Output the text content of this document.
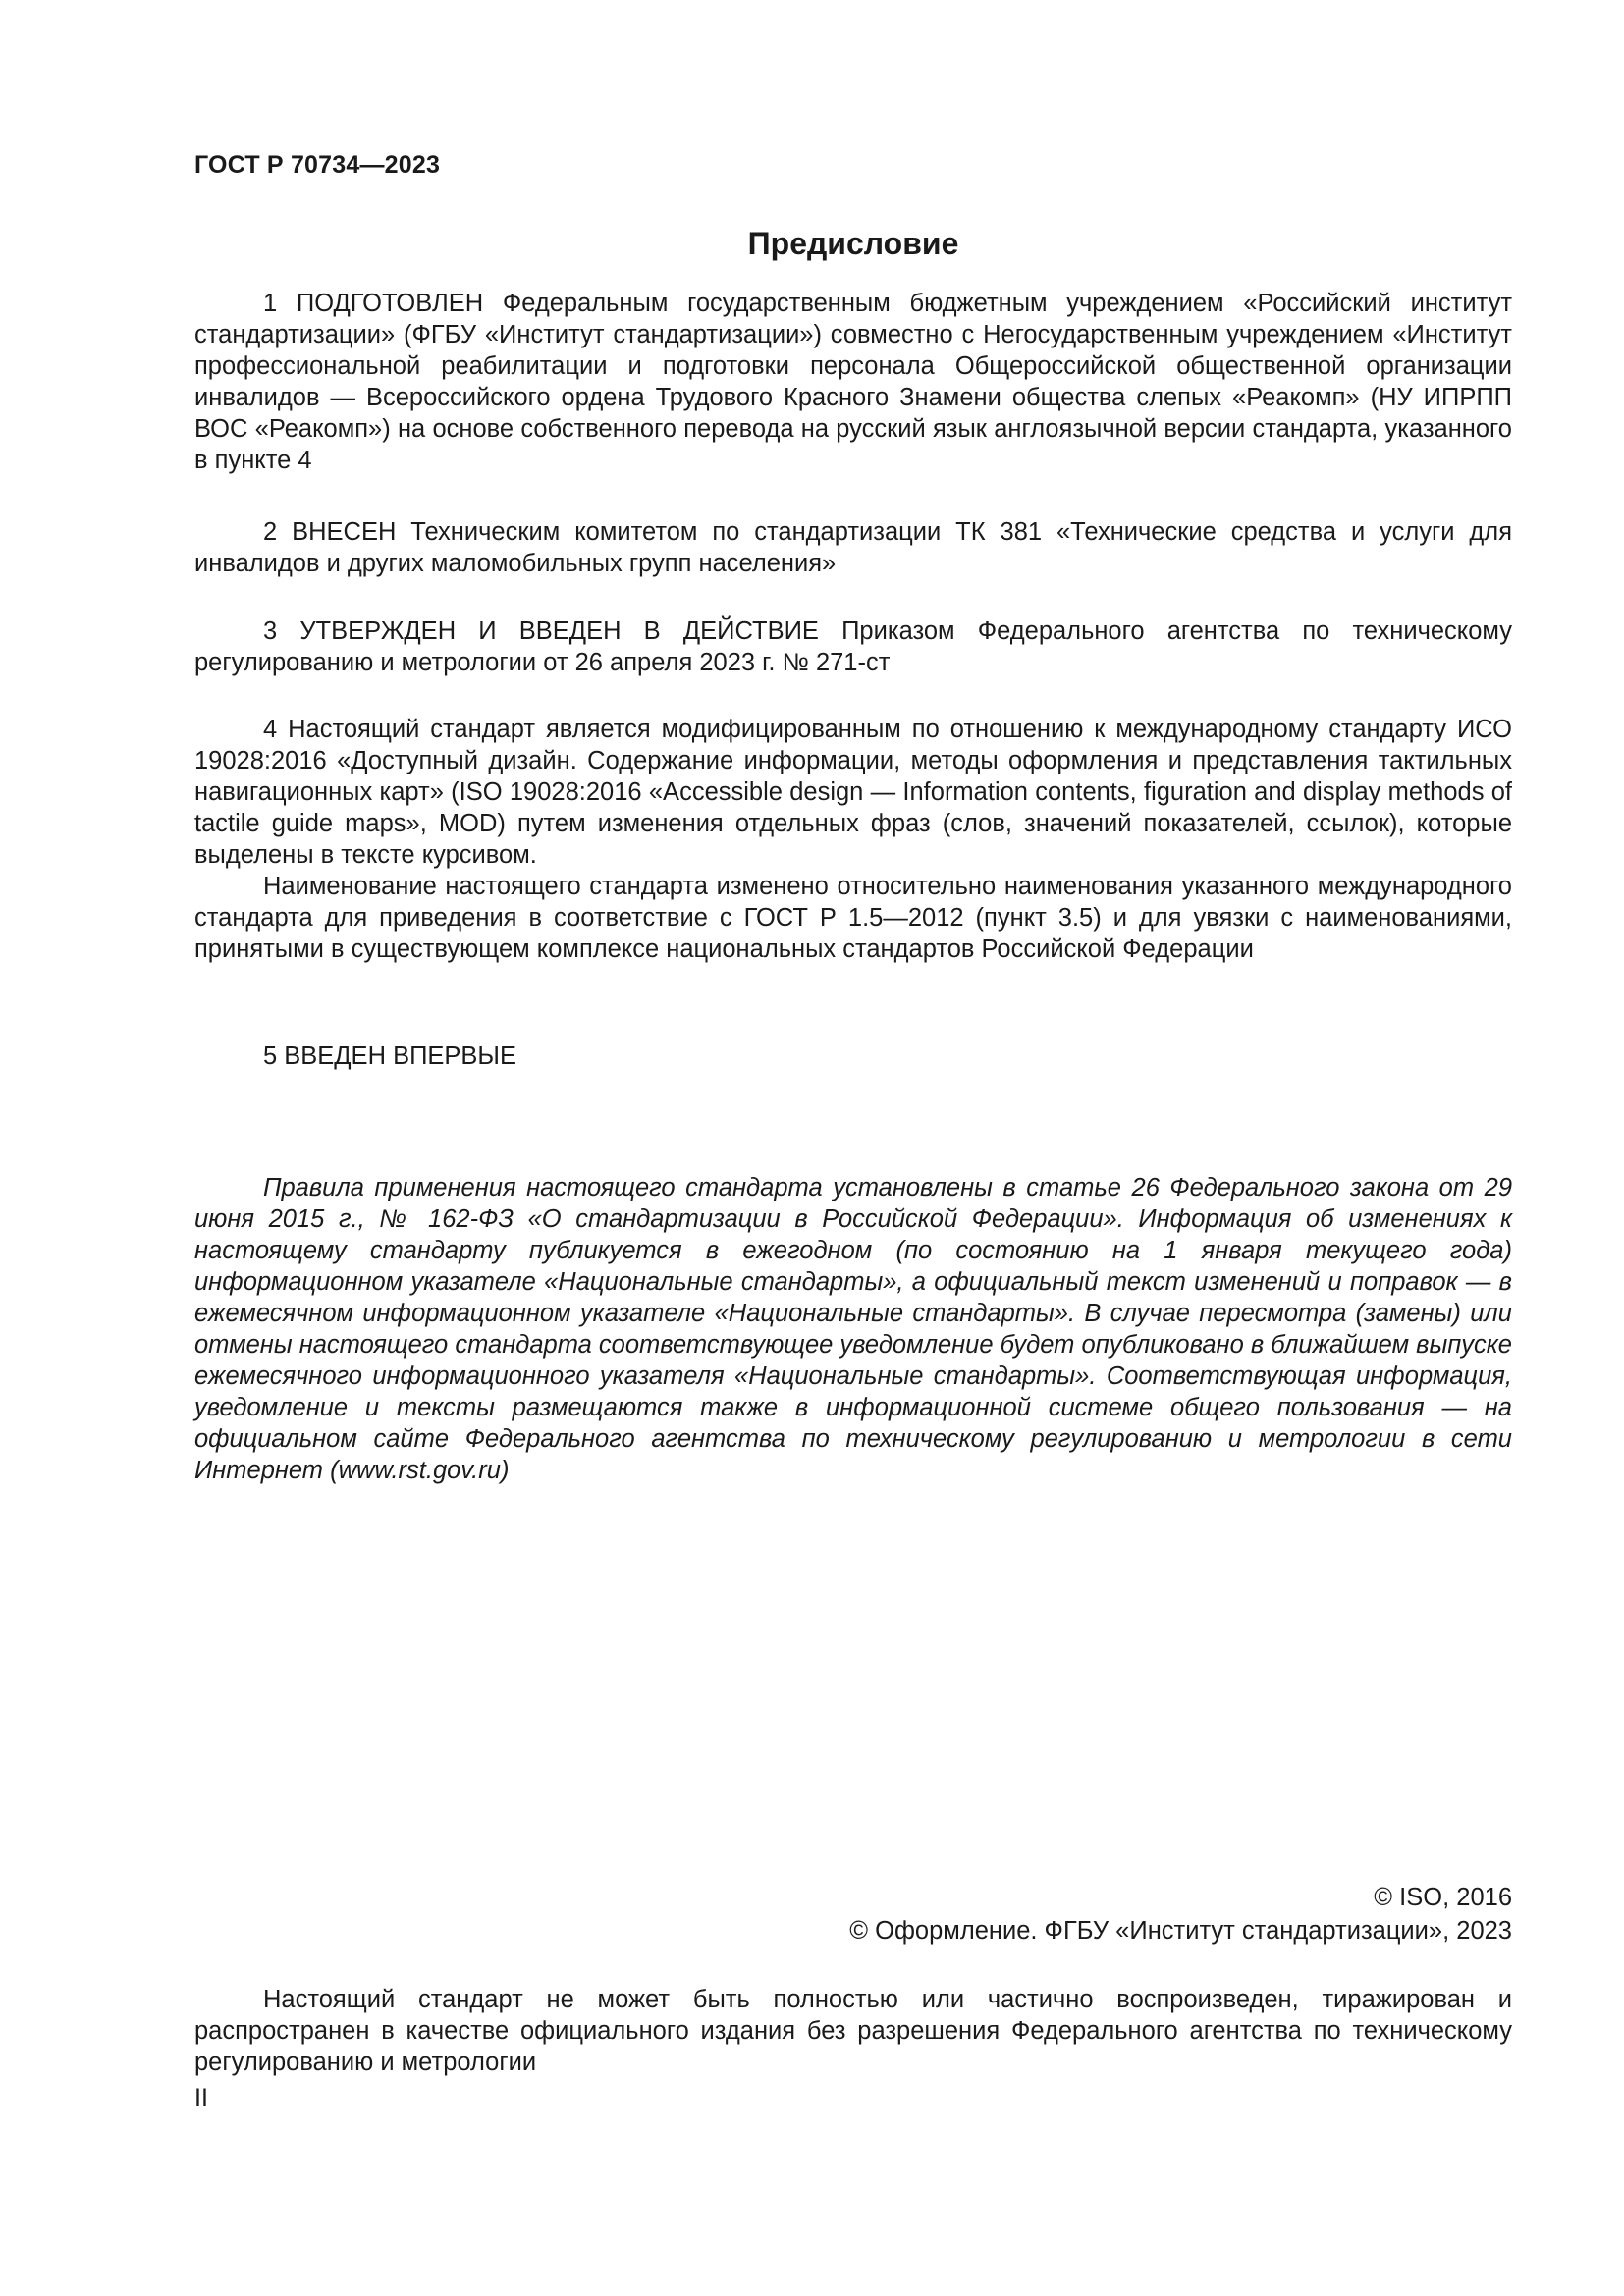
ГОСТ Р 70734—2023
Предисловие

1 ПОДГОТОВЛЕН Федеральным государственным бюджетным учреждением «Российский институт стандартизации» (ФГБУ «Институт стандартизации») совместно с Негосударственным учреждением «Институт профессиональной реабилитации и подготовки персонала Общероссийской общественной организации инвалидов — Всероссийского ордена Трудового Красного Знамени общества слепых «Реакомп» (НУ ИПРПП ВОС «Реакомп») на основе собственного перевода на русский язык англоязычной версии стандарта, указанного в пункте 4

2 ВНЕСЕН Техническим комитетом по стандартизации ТК 381 «Технические средства и услуги для инвалидов и других маломобильных групп населения»

3 УТВЕРЖДЕН И ВВЕДЕН В ДЕЙСТВИЕ Приказом Федерального агентства по техническому регулированию и метрологии от 26 апреля 2023 г. № 271-ст

4 Настоящий стандарт является модифицированным по отношению к международному стандарту ИСО 19028:2016 «Доступный дизайн. Содержание информации, методы оформления и представления тактильных навигационных карт» (ISO 19028:2016 «Accessible design — Information contents, figuration and display methods of tactile guide maps», MOD) путем изменения отдельных фраз (слов, значений показателей, ссылок), которые выделены в тексте курсивом.

Наименование настоящего стандарта изменено относительно наименования указанного международного стандарта для приведения в соответствие с ГОСТ Р 1.5—2012 (пункт 3.5) и для увязки с наименованиями, принятыми в существующем комплексе национальных стандартов Российской Федерации

5 ВВЕДЕН ВПЕРВЫЕ

Правила применения настоящего стандарта установлены в статье 26 Федерального закона от 29 июня 2015 г., № 162-ФЗ «О стандартизации в Российской Федерации». Информация об изменениях к настоящему стандарту публикуется в ежегодном (по состоянию на 1 января текущего года) информационном указателе «Национальные стандарты», а официальный текст изменений и поправок — в ежемесячном информационном указателе «Национальные стандарты». В случае пересмотра (замены) или отмены настоящего стандарта соответствующее уведомление будет опубликовано в ближайшем выпуске ежемесячного информационного указателя «Национальные стандарты». Соответствующая информация, уведомление и тексты размещаются также в информационной системе общего пользования — на официальном сайте Федерального агентства по техническому регулированию и метрологии в сети Интернет (www.rst.gov.ru)

© ISO, 2016
© Оформление. ФГБУ «Институт стандартизации», 2023

Настоящий стандарт не может быть полностью или частично воспроизведен, тиражирован и распространен в качестве официального издания без разрешения Федерального агентства по техническому регулированию и метрологии

II
